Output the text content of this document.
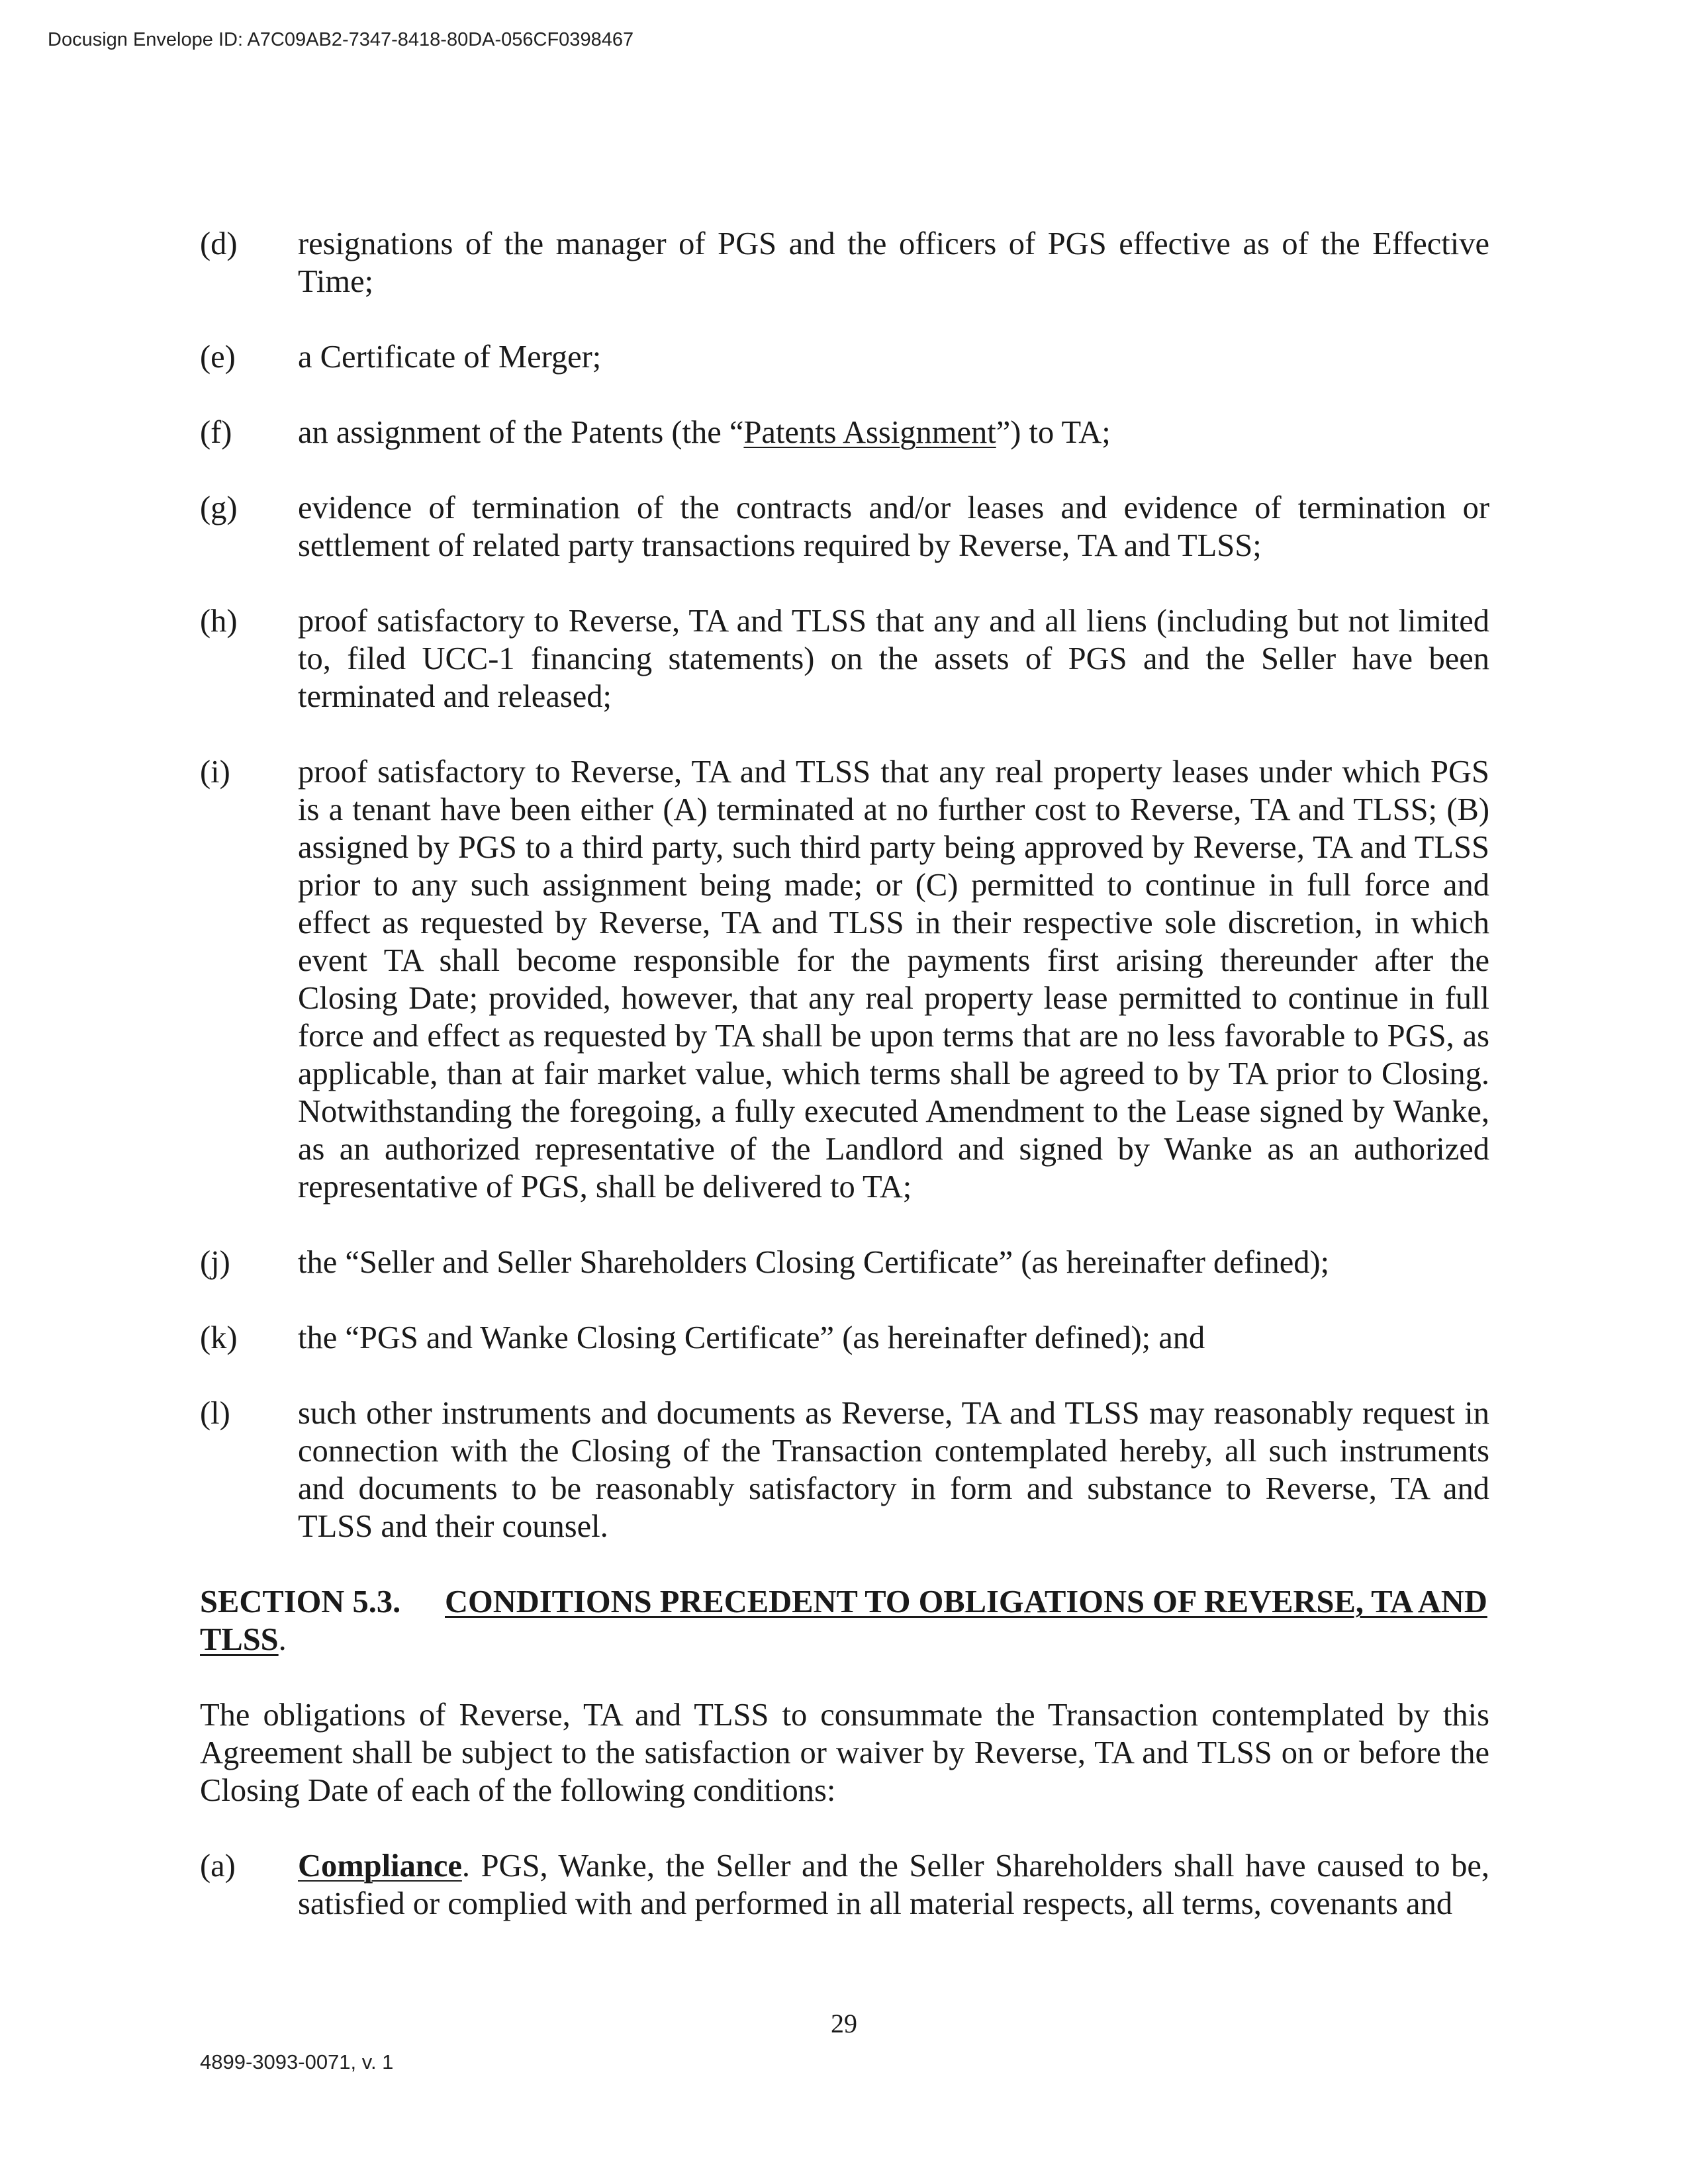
Docusign Envelope ID: A7C09AB2-7347-8418-80DA-056CF0398467
(d)	resignations of the manager of PGS and the officers of PGS effective as of the Effective Time;
(e)	a Certificate of Merger;
(f)	an assignment of the Patents (the “Patents Assignment”) to TA;
(g)	evidence of termination of the contracts and/or leases and evidence of termination or settlement of related party transactions required by Reverse, TA and TLSS;
(h)	proof satisfactory to Reverse, TA and TLSS that any and all liens (including but not limited to, filed UCC-1 financing statements) on the assets of PGS and the Seller have been terminated and released;
(i)	proof satisfactory to Reverse, TA and TLSS that any real property leases under which PGS is a tenant have been either (A) terminated at no further cost to Reverse, TA and TLSS; (B) assigned by PGS to a third party, such third party being approved by Reverse, TA and TLSS prior to any such assignment being made; or (C) permitted to continue in full force and effect as requested by Reverse, TA and TLSS in their respective sole discretion, in which event TA shall become responsible for the payments first arising thereunder after the Closing Date; provided, however, that any real property lease permitted to continue in full force and effect as requested by TA shall be upon terms that are no less favorable to PGS, as applicable, than at fair market value, which terms shall be agreed to by TA prior to Closing. Notwithstanding the foregoing, a fully executed Amendment to the Lease signed by Wanke, as an authorized representative of the Landlord and signed by Wanke as an authorized representative of PGS, shall be delivered to TA;
(j)	the “Seller and Seller Shareholders Closing Certificate” (as hereinafter defined);
(k)	the “PGS and Wanke Closing Certificate” (as hereinafter defined); and
(l)	such other instruments and documents as Reverse, TA and TLSS may reasonably request in connection with the Closing of the Transaction contemplated hereby, all such instruments and documents to be reasonably satisfactory in form and substance to Reverse, TA and TLSS and their counsel.
SECTION 5.3. CONDITIONS PRECEDENT TO OBLIGATIONS OF REVERSE, TA AND TLSS.
The obligations of Reverse, TA and TLSS to consummate the Transaction contemplated by this Agreement shall be subject to the satisfaction or waiver by Reverse, TA and TLSS on or before the Closing Date of each of the following conditions:
(a)	Compliance. PGS, Wanke, the Seller and the Seller Shareholders shall have caused to be, satisfied or complied with and performed in all material respects, all terms, covenants and
29
4899-3093-0071, v. 1
